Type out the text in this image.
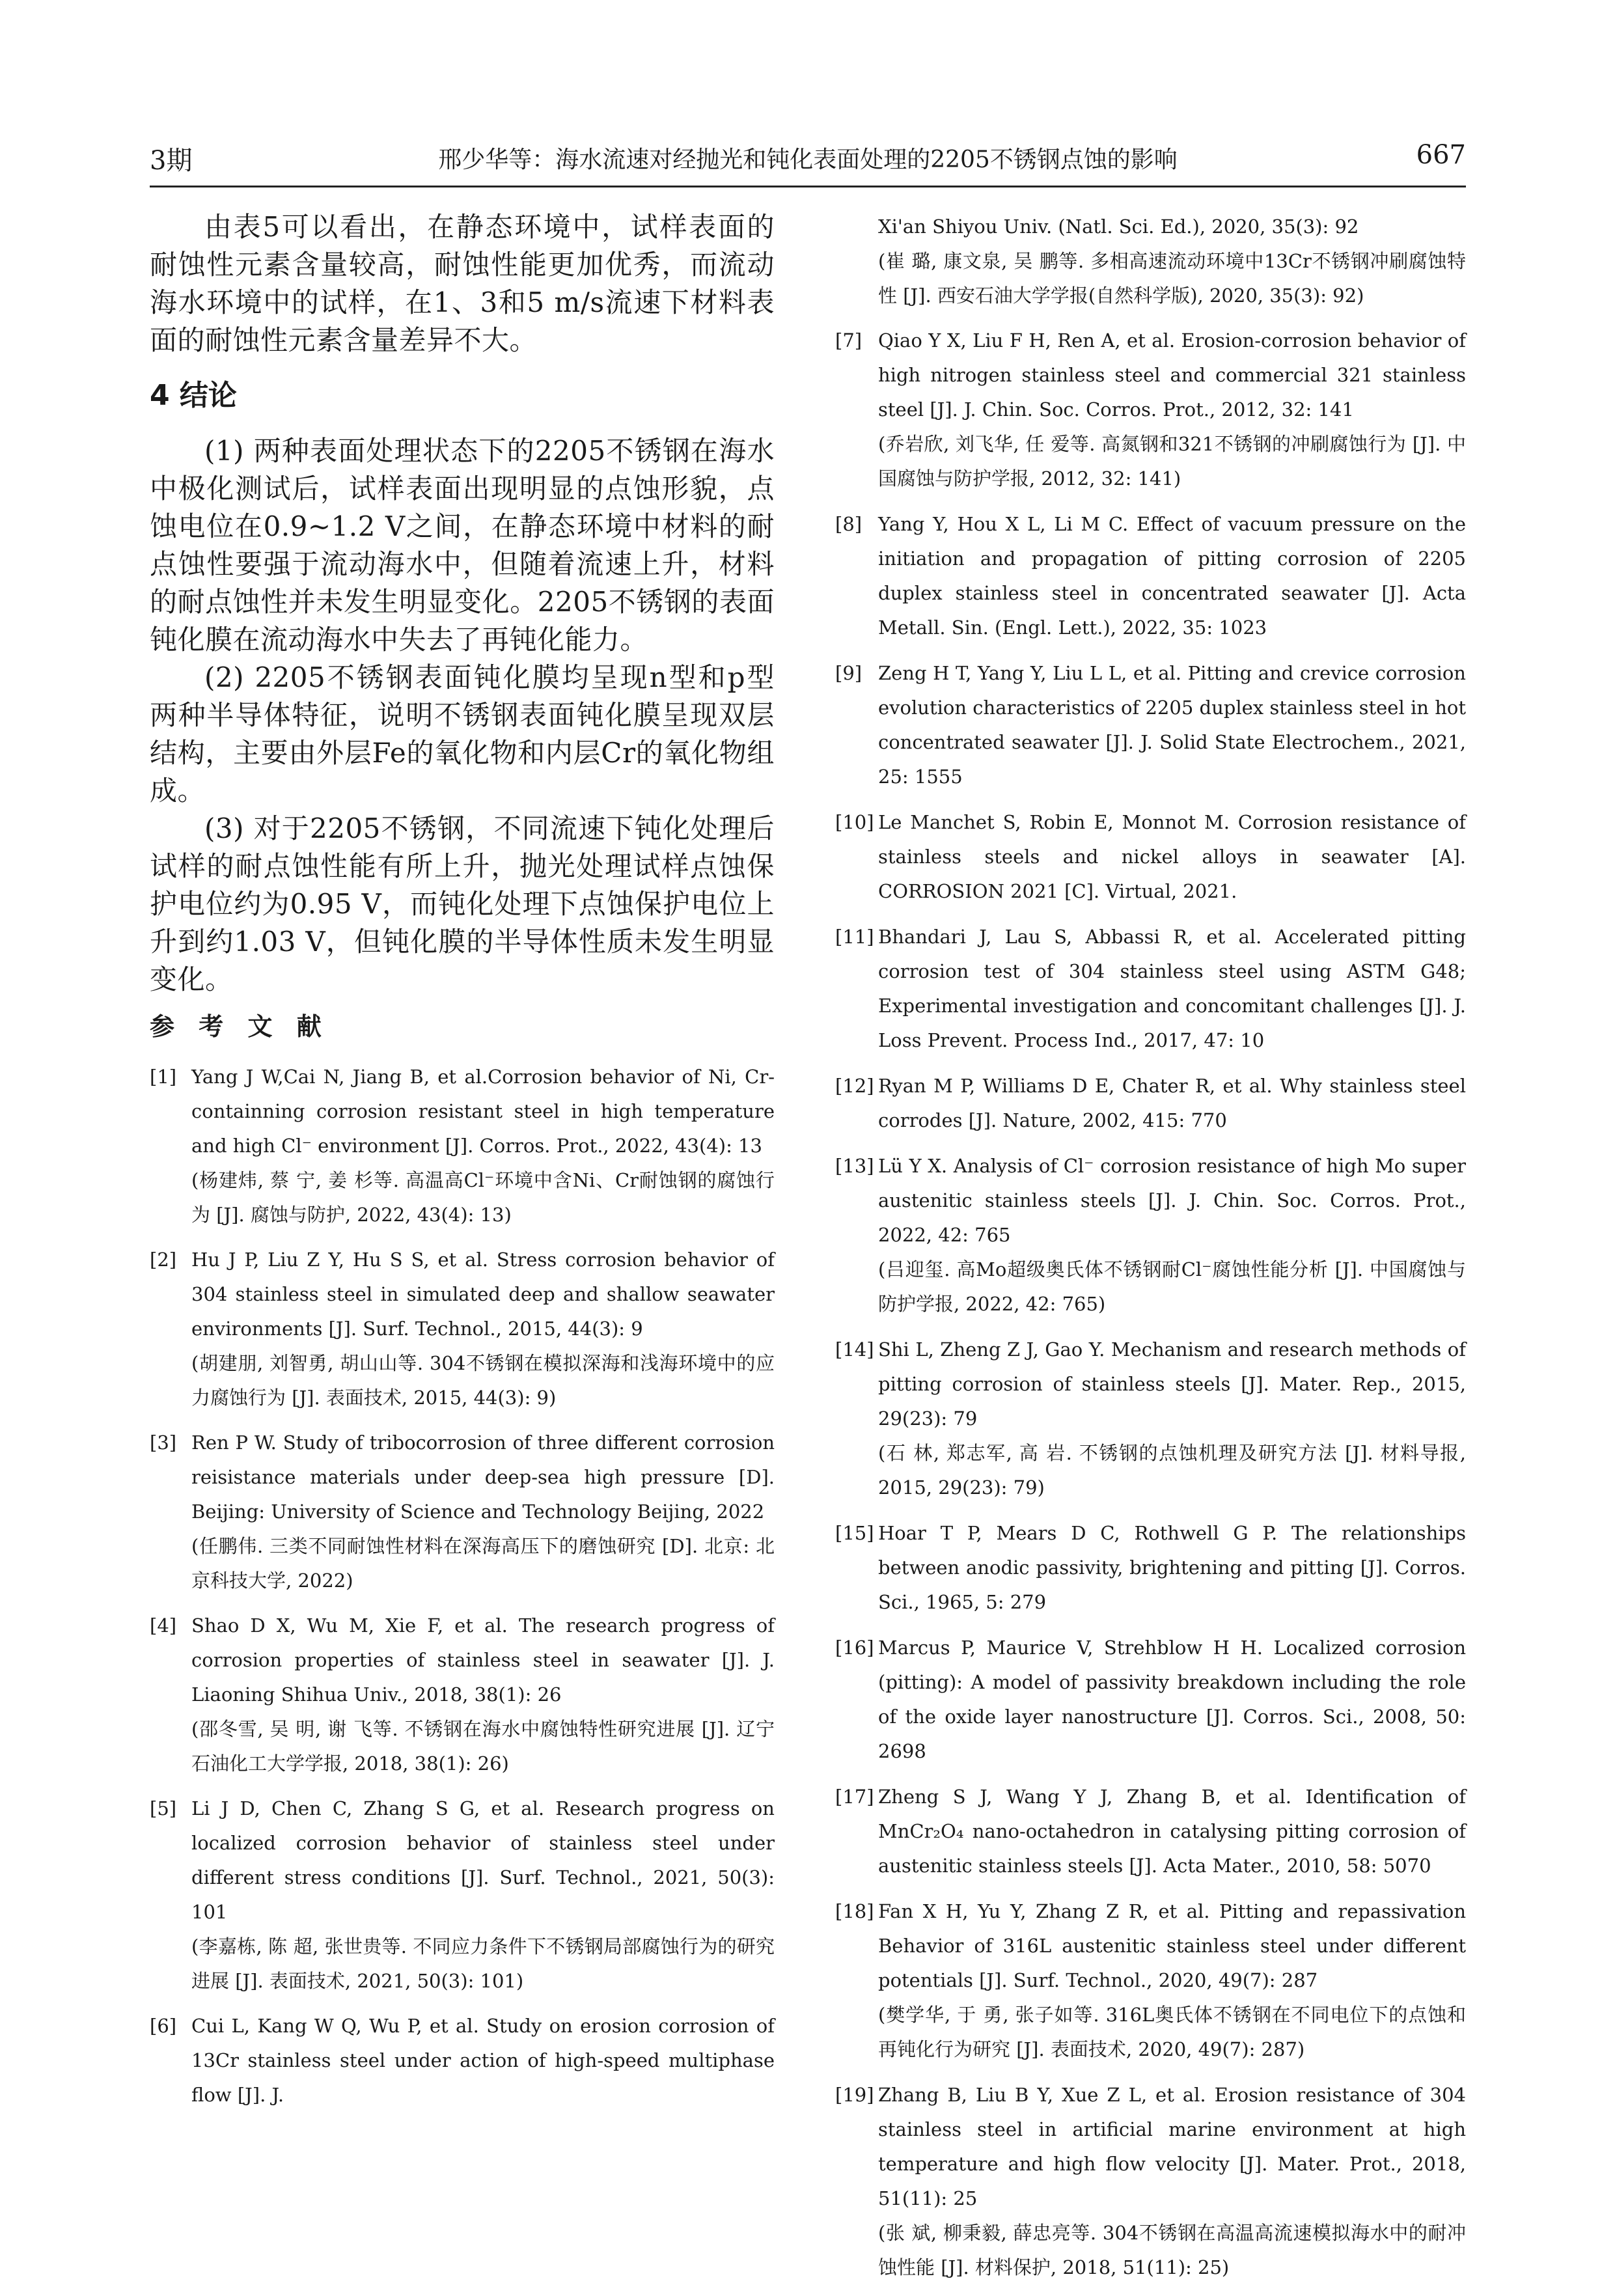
3期	邢少华等：海水流速对经抛光和钝化表面处理的2205不锈钢点蚀的影响	667

由表5可以看出，在静态环境中，试样表面的耐蚀性元素含量较高，耐蚀性能更加优秀，而流动海水环境中的试样，在1、3和5 m/s流速下材料表面的耐蚀性元素含量差异不大。

4 结论

(1) 两种表面处理状态下的2205不锈钢在海水中极化测试后，试样表面出现明显的点蚀形貌，点蚀电位在0.9~1.2 V之间，在静态环境中材料的耐点蚀性要强于流动海水中，但随着流速上升，材料的耐点蚀性并未发生明显变化。2205不锈钢的表面钝化膜在流动海水中失去了再钝化能力。

(2) 2205不锈钢表面钝化膜均呈现n型和p型两种半导体特征，说明不锈钢表面钝化膜呈现双层结构，主要由外层Fe的氧化物和内层Cr的氧化物组成。

(3) 对于2205不锈钢，不同流速下钝化处理后试样的耐点蚀性能有所上升，抛光处理试样点蚀保护电位约为0.95 V，而钝化处理下点蚀保护电位上升到约1.03 V，但钝化膜的半导体性质未发生明显变化。

参 考 文 献
[1] Yang J W,Cai N, Jiang B, et al.Corrosion behavior of Ni, Cr-containning corrosion resistant steel in high temperature and high Cl⁻ environment [J]. Corros. Prot., 2022, 43(4): 13
(杨建炜, 蔡 宁, 姜 杉等. 高温高Cl⁻环境中含Ni、Cr耐蚀钢的腐蚀行为 [J]. 腐蚀与防护, 2022, 43(4): 13)
[2] Hu J P, Liu Z Y, Hu S S, et al. Stress corrosion behavior of 304 stainless steel in simulated deep and shallow seawater environments [J]. Surf. Technol., 2015, 44(3): 9
(胡建朋, 刘智勇, 胡山山等. 304不锈钢在模拟深海和浅海环境中的应力腐蚀行为 [J]. 表面技术, 2015, 44(3): 9)
[3] Ren P W. Study of tribocorrosion of three different corrosion reisistance materials under deep-sea high pressure [D]. Beijing: University of Science and Technology Beijing, 2022
(任鹏伟. 三类不同耐蚀性材料在深海高压下的磨蚀研究 [D]. 北京: 北京科技大学, 2022)
[4] Shao D X, Wu M, Xie F, et al. The research progress of corrosion properties of stainless steel in seawater [J]. J. Liaoning Shihua Univ., 2018, 38(1): 26
(邵冬雪, 吴 明, 谢 飞等. 不锈钢在海水中腐蚀特性研究进展 [J]. 辽宁石油化工大学学报, 2018, 38(1): 26)
[5] Li J D, Chen C, Zhang S G, et al. Research progress on localized corrosion behavior of stainless steel under different stress conditions [J]. Surf. Technol., 2021, 50(3): 101
(李嘉栋, 陈 超, 张世贵等. 不同应力条件下不锈钢局部腐蚀行为的研究进展 [J]. 表面技术, 2021, 50(3): 101)
[6] Cui L, Kang W Q, Wu P, et al. Study on erosion corrosion of 13Cr stainless steel under action of high-speed multiphase flow [J]. J.
Xi'an Shiyou Univ. (Natl. Sci. Ed.), 2020, 35(3): 92
(崔 璐, 康文泉, 吴 鹏等. 多相高速流动环境中13Cr不锈钢冲刷腐蚀特性 [J]. 西安石油大学学报(自然科学版), 2020, 35(3): 92)
[7] Qiao Y X, Liu F H, Ren A, et al. Erosion-corrosion behavior of high nitrogen stainless steel and commercial 321 stainless steel [J]. J. Chin. Soc. Corros. Prot., 2012, 32: 141
(乔岩欣, 刘飞华, 任 爱等. 高氮钢和321不锈钢的冲刷腐蚀行为 [J]. 中国腐蚀与防护学报, 2012, 32: 141)
[8] Yang Y, Hou X L, Li M C. Effect of vacuum pressure on the initiation and propagation of pitting corrosion of 2205 duplex stainless steel in concentrated seawater [J]. Acta Metall. Sin. (Engl. Lett.), 2022, 35: 1023
[9] Zeng H T, Yang Y, Liu L L, et al. Pitting and crevice corrosion evolution characteristics of 2205 duplex stainless steel in hot concentrated seawater [J]. J. Solid State Electrochem., 2021, 25: 1555
[10] Le Manchet S, Robin E, Monnot M. Corrosion resistance of stainless steels and nickel alloys in seawater [A]. CORROSION 2021 [C]. Virtual, 2021.
[11] Bhandari J, Lau S, Abbassi R, et al. Accelerated pitting corrosion test of 304 stainless steel using ASTM G48; Experimental investigation and concomitant challenges [J]. J. Loss Prevent. Process Ind., 2017, 47: 10
[12] Ryan M P, Williams D E, Chater R, et al. Why stainless steel corrodes [J]. Nature, 2002, 415: 770
[13] Lü Y X. Analysis of Cl⁻ corrosion resistance of high Mo super austenitic stainless steels [J]. J. Chin. Soc. Corros. Prot., 2022, 42: 765
(吕迎玺. 高Mo超级奥氏体不锈钢耐Cl⁻腐蚀性能分析 [J]. 中国腐蚀与防护学报, 2022, 42: 765)
[14] Shi L, Zheng Z J, Gao Y. Mechanism and research methods of pitting corrosion of stainless steels [J]. Mater. Rep., 2015, 29(23): 79
(石 林, 郑志军, 高 岩. 不锈钢的点蚀机理及研究方法 [J]. 材料导报, 2015, 29(23): 79)
[15] Hoar T P, Mears D C, Rothwell G P. The relationships between anodic passivity, brightening and pitting [J]. Corros. Sci., 1965, 5: 279
[16] Marcus P, Maurice V, Strehblow H H. Localized corrosion (pitting): A model of passivity breakdown including the role of the oxide layer nanostructure [J]. Corros. Sci., 2008, 50: 2698
[17] Zheng S J, Wang Y J, Zhang B, et al. Identification of MnCr₂O₄ nano-octahedron in catalysing pitting corrosion of austenitic stainless steels [J]. Acta Mater., 2010, 58: 5070
[18] Fan X H, Yu Y, Zhang Z R, et al. Pitting and repassivation Behavior of 316L austenitic stainless steel under different potentials [J]. Surf. Technol., 2020, 49(7): 287
(樊学华, 于 勇, 张子如等. 316L奥氏体不锈钢在不同电位下的点蚀和再钝化行为研究 [J]. 表面技术, 2020, 49(7): 287)
[19] Zhang B, Liu B Y, Xue Z L, et al. Erosion resistance of 304 stainless steel in artificial marine environment at high temperature and high flow velocity [J]. Mater. Prot., 2018, 51(11): 25
(张 斌, 柳秉毅, 薛忠亮等. 304不锈钢在高温高流速模拟海水中的耐冲蚀性能 [J]. 材料保护, 2018, 51(11): 25)
